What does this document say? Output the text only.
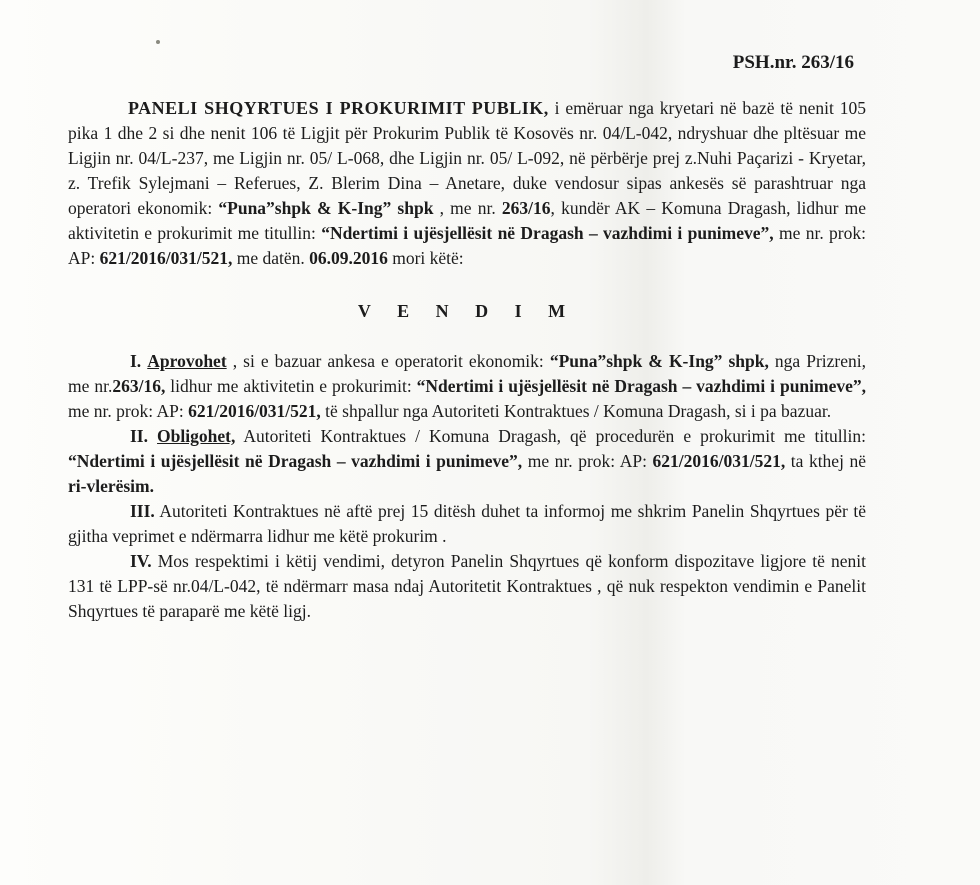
PSH.nr. 263/16

PANELI SHQYRTUES I PROKURIMIT PUBLIK, i emëruar nga kryetari në bazë të nenit 105 pika 1 dhe 2 si dhe nenit 106 të Ligjit për Prokurim Publik të Kosovës nr. 04/L-042, ndryshuar dhe pltësuar me Ligjin nr. 04/L-237, me Ligjin nr. 05/ L-068, dhe Ligjin nr. 05/ L-092, në përbërje prej z.Nuhi Paçarizi - Kryetar, z. Trefik Sylejmani – Referues, Z. Blerim Dina – Anetare, duke vendosur sipas ankesës së parashtruar nga operatori ekonomik: “Puna”shpk & K-Ing” shpk , me nr. 263/16, kundër AK – Komuna Dragash, lidhur me aktivitetin e prokurimit me titullin: “Ndertimi i ujësjellësit në Dragash – vazhdimi i punimeve”, me nr. prok: AP: 621/2016/031/521, me datën. 06.09.2016 mori këtë:

V E N D I M

I. Aprovohet , si e bazuar ankesa e operatorit ekonomik: “Puna”shpk & K-Ing” shpk, nga Prizreni, me nr.263/16, lidhur me aktivitetin e prokurimit: “Ndertimi i ujësjellësit në Dragash – vazhdimi i punimeve”, me nr. prok: AP: 621/2016/031/521, të shpallur nga Autoriteti Kontraktues / Komuna Dragash, si i pa bazuar.

II. Obligohet, Autoriteti Kontraktues / Komuna Dragash, që procedurën e prokurimit me titullin: “Ndertimi i ujësjellësit në Dragash – vazhdimi i punimeve”, me nr. prok: AP: 621/2016/031/521, ta kthej në ri-vlerësim.

III. Autoriteti Kontraktues në aftë prej 15 ditësh duhet ta informoj me shkrim Panelin Shqyrtues për të gjitha veprimet e ndërmarra lidhur me këtë prokurim .

IV. Mos respektimi i këtij vendimi, detyron Panelin Shqyrtues që konform dispozitave ligjore të nenit 131 të LPP-së nr.04/L-042, të ndërmarr masa ndaj Autoritetit Kontraktues , që nuk respekton vendimin e Panelit Shqyrtues të paraparë me këtë ligj.
